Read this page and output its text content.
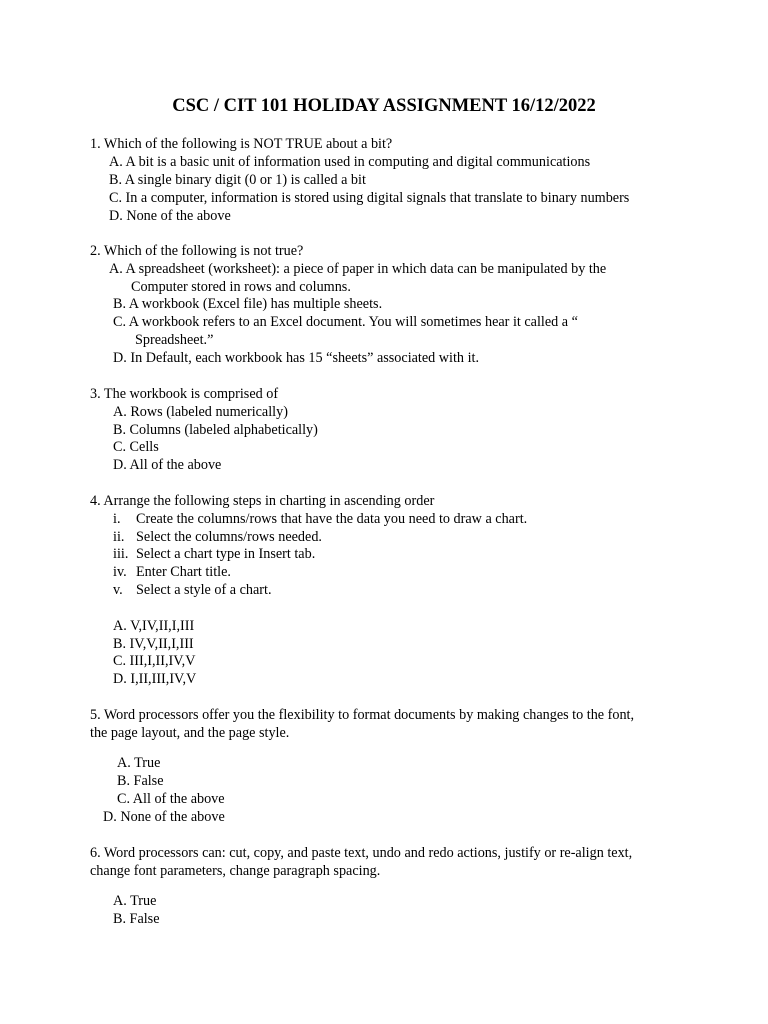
CSC / CIT 101 HOLIDAY ASSIGNMENT 16/12/2022
1. Which of the following is NOT TRUE about a bit?
A. A bit is a basic unit of information used in computing and digital communications
B. A single binary digit (0 or 1) is called a bit
C. In a computer, information is stored using digital signals that translate to binary numbers
D. None of the above
2. Which of the following is not true?
A. A spreadsheet (worksheet): a piece of paper in which data can be manipulated by the
Computer stored in rows and columns.
B. A workbook (Excel file) has multiple sheets.
C. A workbook refers to an Excel document. You will sometimes hear it called a “
Spreadsheet.”
D. In Default, each workbook has 15 “sheets” associated with it.
3. The workbook is comprised of
A. Rows (labeled numerically)
B. Columns (labeled alphabetically)
C. Cells
D. All of the above
4. Arrange the following steps in charting in ascending order
i. Create the columns/rows that have the data you need to draw a chart.
ii. Select the columns/rows needed.
iii. Select a chart type in Insert tab.
iv. Enter Chart title.
v. Select a style of a chart.
A. V,IV,II,I,III
B. IV,V,II,I,III
C. III,I,II,IV,V
D. I,II,III,IV,V
5. Word processors offer you the flexibility to format documents by making changes to the font,
the page layout, and the page style.
A. True
B. False
C. All of the above
D. None of the above
6. Word processors can: cut, copy, and paste text, undo and redo actions, justify or re-align text,
change font parameters, change paragraph spacing.
A. True
B. False
